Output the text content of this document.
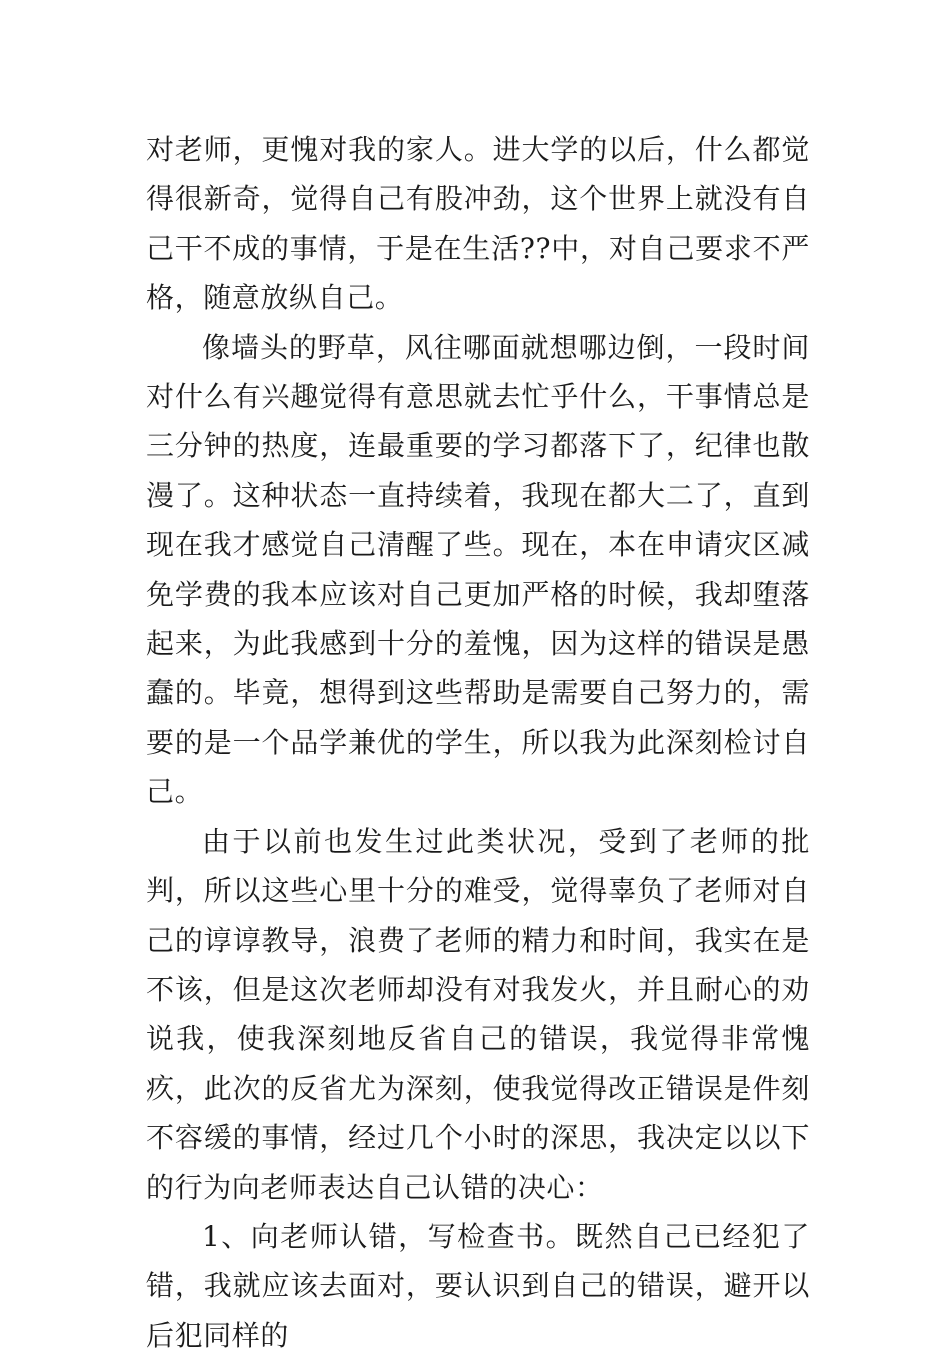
对老师，更愧对我的家人。进大学的以后，什么都觉得很新奇，觉得自己有股冲劲，这个世界上就没有自己干不成的事情，于是在生活??中，对自己要求不严格，随意放纵自己。

像墙头的野草，风往哪面就想哪边倒，一段时间对什么有兴趣觉得有意思就去忙乎什么，干事情总是三分钟的热度，连最重要的学习都落下了，纪律也散漫了。这种状态一直持续着，我现在都大二了，直到现在我才感觉自己清醒了些。现在，本在申请灾区减免学费的我本应该对自己更加严格的时候，我却堕落起来，为此我感到十分的羞愧，因为这样的错误是愚蠢的。毕竟，想得到这些帮助是需要自己努力的，需要的是一个品学兼优的学生，所以我为此深刻检讨自己。

由于以前也发生过此类状况，受到了老师的批判，所以这些心里十分的难受，觉得辜负了老师对自己的谆谆教导，浪费了老师的精力和时间，我实在是不该，但是这次老师却没有对我发火，并且耐心的劝说我，使我深刻地反省自己的错误，我觉得非常愧疚，此次的反省尤为深刻，使我觉得改正错误是件刻不容缓的事情，经过几个小时的深思，我决定以以下的行为向老师表达自己认错的决心：

1、向老师认错，写检查书。既然自己已经犯了错，我就应该去面对，要认识到自己的错误，避开以后犯同样的
